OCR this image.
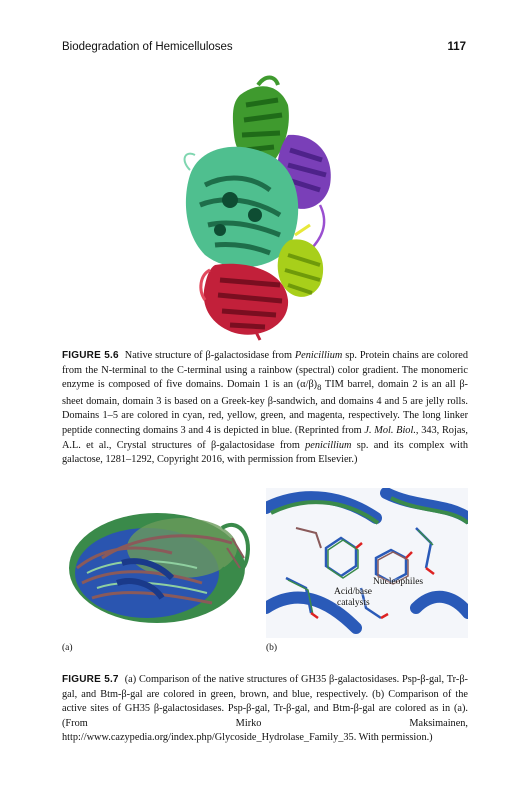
Biodegradation of Hemicelluloses	117
FIGURE 5.6 Native structure of β-galactosidase from Penicillium sp. Protein chains are colored from the N-terminal to the C-terminal using a rainbow (spectral) color gradient. The monomeric enzyme is composed of five domains. Domain 1 is an $(\alpha/\beta)_8$ TIM barrel, domain 2 is an all β-sheet domain, domain 3 is based on a Greek-key β-sandwich, and domains 4 and 5 are jelly rolls. Domains 1–5 are colored in cyan, red, yellow, green, and magenta, respectively. The long linker peptide connecting domains 3 and 4 is depicted in blue. (Reprinted from J. Mol. Biol., 343, Rojas, A.L. et al., Crystal structures of β-galactosidase from penicillium sp. and its complex with galactose, 1281–1292, Copyright 2016, with permission from Elsevier.)
Nucleophiles
Acid/base
catalysts
(a)	(b)
FIGURE 5.7 (a) Comparison of the native structures of GH35 β-galactosidases. Psp-β-gal, Tr-β-gal, and Btm-β-gal are colored in green, brown, and blue, respectively. (b) Comparison of the active sites of GH35 β-galactosidases. Psp-β-gal, Tr-β-gal, and Btm-β-gal are colored as in (a). (From Mirko Maksimainen, http://www.cazypedia.org/index.php/Glycoside_Hydrolase_Family_35. With permission.)
